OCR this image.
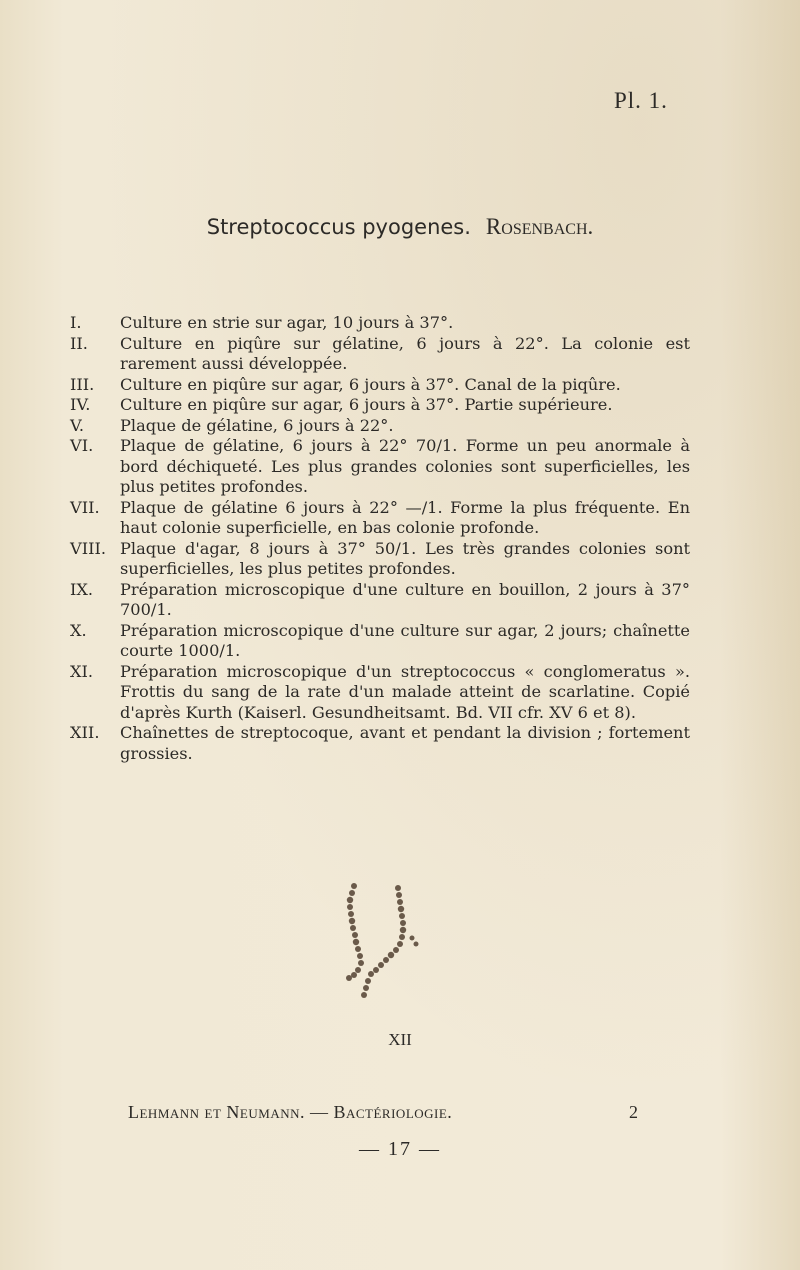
Pl. 1.
Streptococcus pyogenes. Rosenbach.
I.	Culture en strie sur agar, 10 jours à 37°.
II.	Culture en piqûre sur gélatine, 6 jours à 22°. La colonie est rarement aussi développée.
III.	Culture en piqûre sur agar, 6 jours à 37°. Canal de la piqûre.
IV.	Culture en piqûre sur agar, 6 jours à 37°. Partie supérieure.
V.	Plaque de gélatine, 6 jours à 22°.
VI.	Plaque de gélatine, 6 jours à 22° 70/1. Forme un peu anormale à bord déchiqueté. Les plus grandes colonies sont superficielles, les plus petites profondes.
VII.	Plaque de gélatine 6 jours à 22° —/1. Forme la plus fréquente. En haut colonie superficielle, en bas colonie profonde.
VIII. Plaque d'agar, 8 jours à 37° 50/1. Les très grandes colonies sont superficielles, les plus petites profondes.
IX.	Préparation microscopique d'une culture en bouillon, 2 jours à 37° 700/1.
X.	Préparation microscopique d'une culture sur agar, 2 jours; chaînette courte 1000/1.
XI.	Préparation microscopique d'un streptococcus « conglomeratus ». Frottis du sang de la rate d'un malade atteint de scarlatine. Copié d'après Kurth (Kaiserl. Gesundheitsamt. Bd. VII cfr. XV 6 et 8).
XII.	Chaînettes de streptocoque, avant et pendant la division ; fortement grossies.
XII
Lehmann et Neumann. — Bactériologie.	2
— 17 —
